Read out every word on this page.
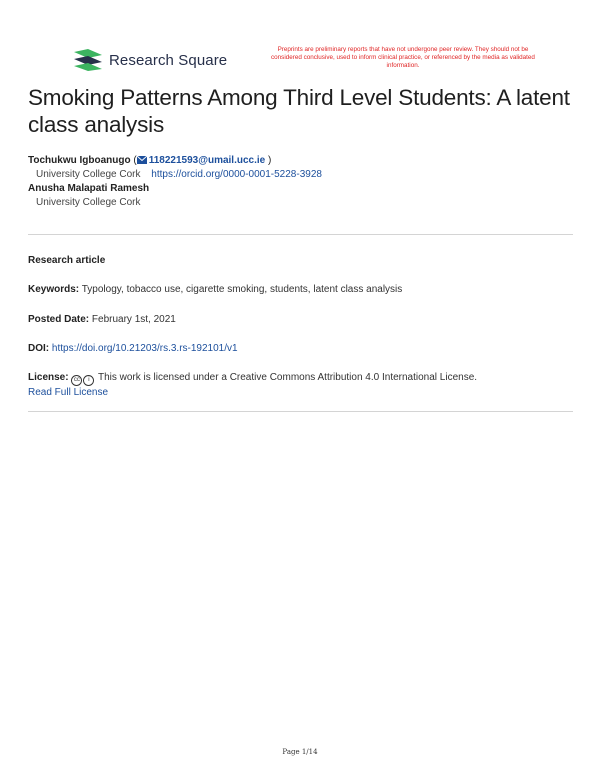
Research Square
Preprints are preliminary reports that have not undergone peer review. They should not be considered conclusive, used to inform clinical practice, or referenced by the media as validated information.
Smoking Patterns Among Third Level Students: A latent class analysis
Tochukwu Igboanugo ( 118221593@umail.ucc.ie )
University College Cork https://orcid.org/0000-0001-5228-3928
Anusha Malapati Ramesh
University College Cork
Research article
Keywords: Typology, tobacco use, cigarette smoking, students, latent class analysis
Posted Date: February 1st, 2021
DOI: https://doi.org/10.21203/rs.3.rs-192101/v1
License: cc i This work is licensed under a Creative Commons Attribution 4.0 International License.
Read Full License
Page 1/14
